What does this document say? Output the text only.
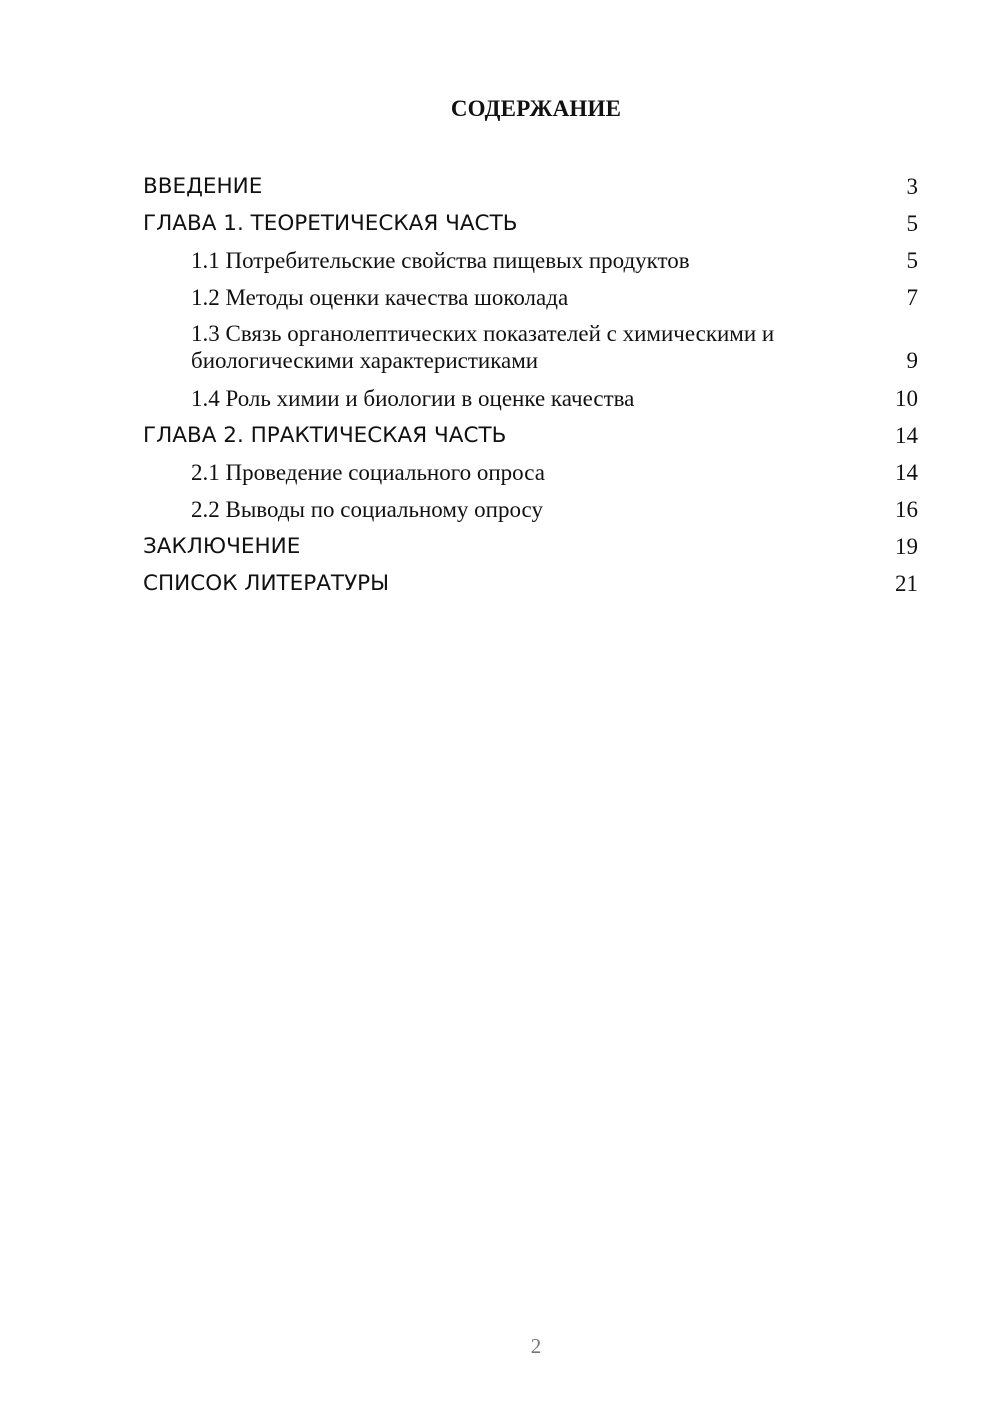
СОДЕРЖАНИЕ
ВВЕДЕНИЕ	3
ГЛАВА 1. ТЕОРЕТИЧЕСКАЯ ЧАСТЬ	5
1.1 Потребительские свойства пищевых продуктов	5
1.2 Методы оценки качества шоколада	7
1.3 Связь органолептических показателей с химическими и биологическими характеристиками	9
1.4 Роль химии и биологии в оценке качества	10
ГЛАВА 2. ПРАКТИЧЕСКАЯ ЧАСТЬ	14
2.1 Проведение социального опроса	14
2.2 Выводы по социальному опросу	16
ЗАКЛЮЧЕНИЕ	19
СПИСОК ЛИТЕРАТУРЫ	21
2
